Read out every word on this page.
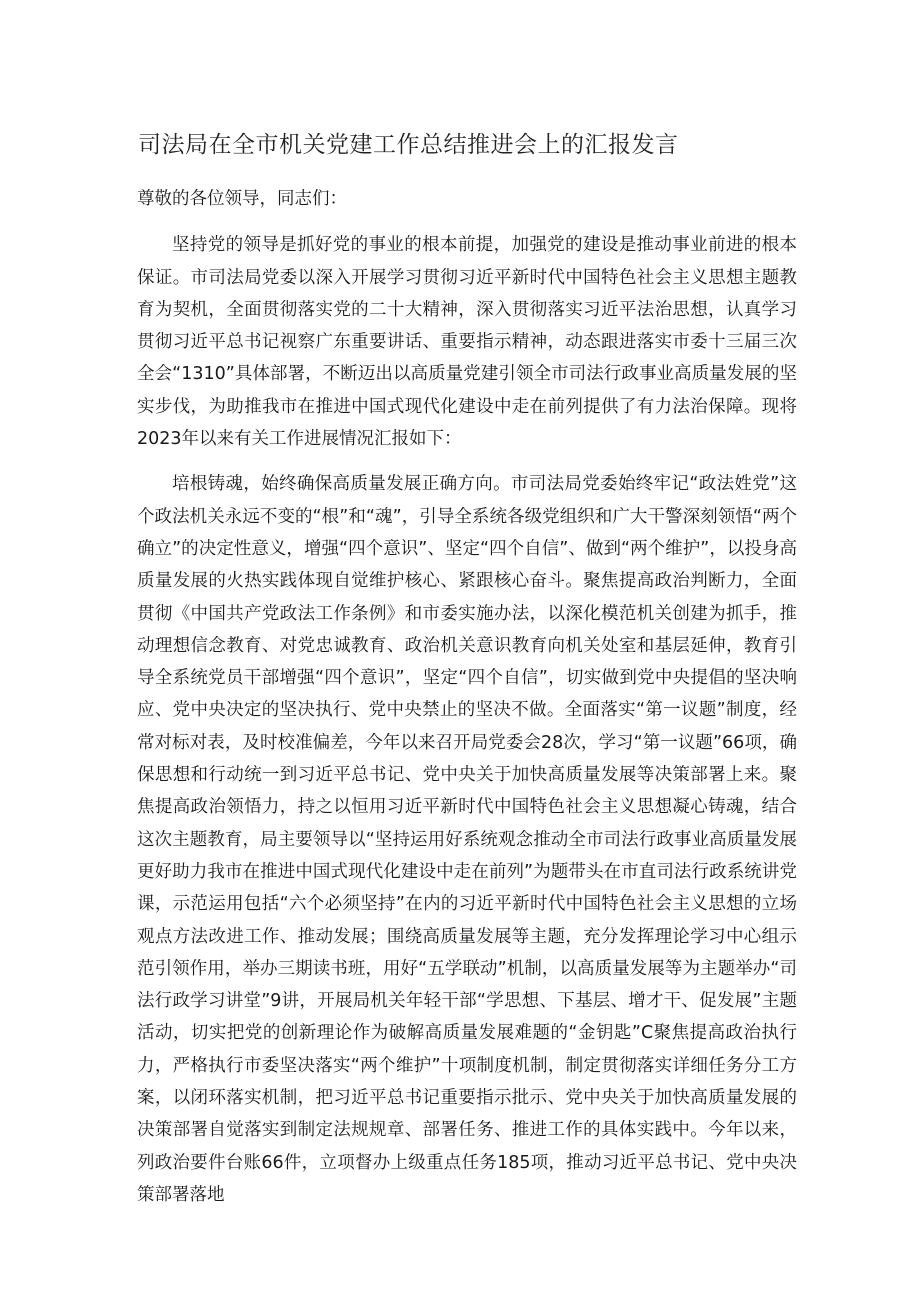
司法局在全市机关党建工作总结推进会上的汇报发言

尊敬的各位领导，同志们：

坚持党的领导是抓好党的事业的根本前提，加强党的建设是推动事业前进的根本保证。市司法局党委以深入开展学习贯彻习近平新时代中国特色社会主义思想主题教育为契机，全面贯彻落实党的二十大精神，深入贯彻落实习近平法治思想，认真学习贯彻习近平总书记视察广东重要讲话、重要指示精神，动态跟进落实市委十三届三次全会“1310”具体部署，不断迈出以高质量党建引领全市司法行政事业高质量发展的坚实步伐，为助推我市在推进中国式现代化建设中走在前列提供了有力法治保障。现将2023年以来有关工作进展情况汇报如下：

培根铸魂，始终确保高质量发展正确方向。市司法局党委始终牢记“政法姓党”这个政法机关永远不变的“根”和“魂”，引导全系统各级党组织和广大干警深刻领悟“两个确立”的决定性意义，增强“四个意识”、坚定“四个自信”、做到“两个维护”，以投身高质量发展的火热实践体现自觉维护核心、紧跟核心奋斗。聚焦提高政治判断力，全面贯彻《中国共产党政法工作条例》和市委实施办法，以深化模范机关创建为抓手，推动理想信念教育、对党忠诚教育、政治机关意识教育向机关处室和基层延伸，教育引导全系统党员干部增强“四个意识”，坚定“四个自信”，切实做到党中央提倡的坚决响应、党中央决定的坚决执行、党中央禁止的坚决不做。全面落实“第一议题”制度，经常对标对表，及时校准偏差，今年以来召开局党委会28次，学习“第一议题”66项，确保思想和行动统一到习近平总书记、党中央关于加快高质量发展等决策部署上来。聚焦提高政治领悟力，持之以恒用习近平新时代中国特色社会主义思想凝心铸魂，结合这次主题教育，局主要领导以“坚持运用好系统观念推动全市司法行政事业高质量发展更好助力我市在推进中国式现代化建设中走在前列”为题带头在市直司法行政系统讲党课，示范运用包括“六个必须坚持”在内的习近平新时代中国特色社会主义思想的立场观点方法改进工作、推动发展；围绕高质量发展等主题，充分发挥理论学习中心组示范引领作用，举办三期读书班，用好“五学联动”机制，以高质量发展等为主题举办“司法行政学习讲堂”9讲，开展局机关年轻干部“学思想、下基层、增才干、促发展”主题活动，切实把党的创新理论作为破解高质量发展难题的“金钥匙”C聚焦提高政治执行力，严格执行市委坚决落实“两个维护”十项制度机制，制定贯彻落实详细任务分工方案，以闭环落实机制，把习近平总书记重要指示批示、党中央关于加快高质量发展的决策部署自觉落实到制定法规规章、部署任务、推进工作的具体实践中。今年以来，列政治要件台账66件，立项督办上级重点任务185项，推动习近平总书记、党中央决策部署落地
